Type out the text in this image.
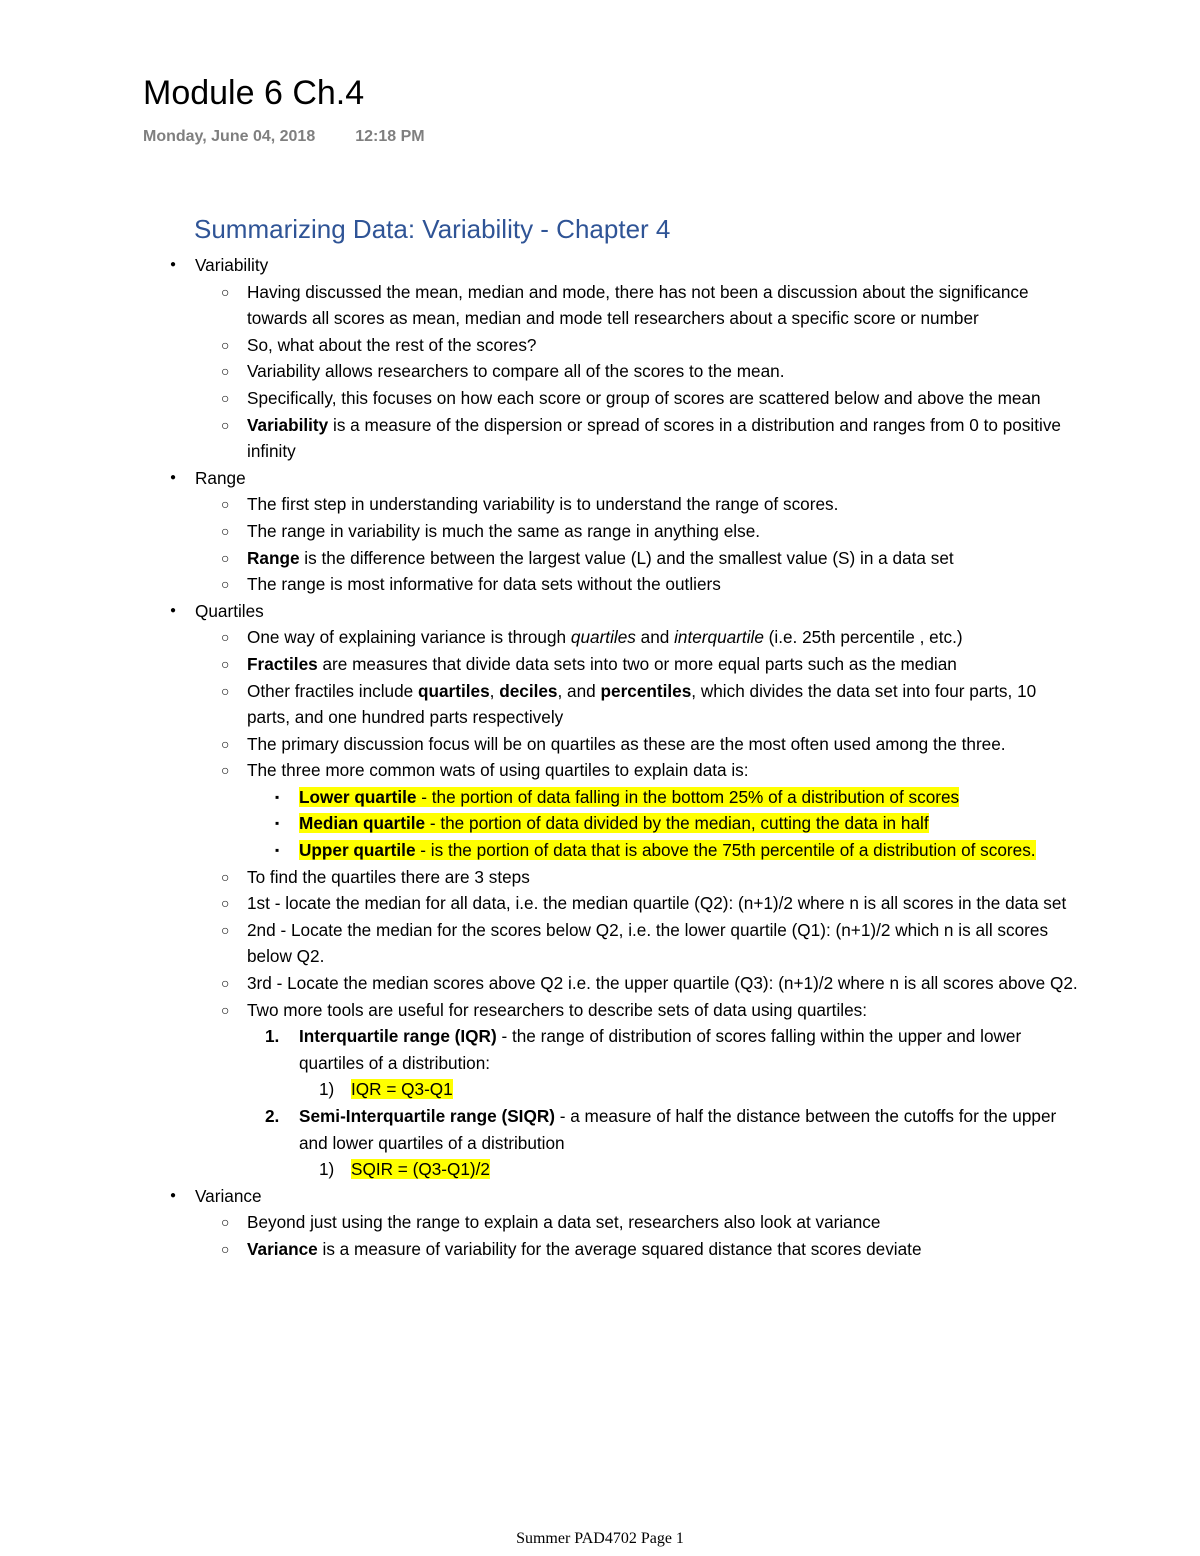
Module 6 Ch.4
Monday, June 04, 2018	12:18 PM
Summarizing Data: Variability - Chapter 4
● Variability
○ Having discussed the mean, median and mode, there has not been a discussion about the significance towards all scores as mean, median and mode tell researchers about a specific score or number
○ So, what about the rest of the scores?
○ Variability allows researchers to compare all of the scores to the mean.
○ Specifically, this focuses on how each score or group of scores are scattered below and above the mean
○ Variability is a measure of the dispersion or spread of scores in a distribution and ranges from 0 to positive infinity
● Range
○ The first step in understanding variability is to understand the range of scores.
○ The range in variability is much the same as range in anything else.
○ Range is the difference between the largest value (L) and the smallest value (S) in a data set
○ The range is most informative for data sets without the outliers
● Quartiles
○ One way of explaining variance is through quartiles and interquartile (i.e. 25th percentile , etc.)
○ Fractiles are measures that divide data sets into two or more equal parts such as the median
○ Other fractiles include quartiles, deciles, and percentiles, which divides the data set into four parts, 10 parts, and one hundred parts respectively
○ The primary discussion focus will be on quartiles as these are the most often used among the three.
○ The three more common wats of using quartiles to explain data is:
▪ Lower quartile - the portion of data falling in the bottom 25% of a distribution of scores
▪ Median quartile - the portion of data divided by the median, cutting the data in half
▪ Upper quartile - is the portion of data that is above the 75th percentile of a distribution of scores.
○ To find the quartiles there are 3 steps
○ 1st - locate the median for all data, i.e. the median quartile (Q2): (n+1)/2 where n is all scores in the data set
○ 2nd - Locate the median for the scores below Q2, i.e. the lower quartile (Q1): (n+1)/2 which n is all scores below Q2.
○ 3rd - Locate the median scores above Q2 i.e. the upper quartile (Q3): (n+1)/2 where n is all scores above Q2.
○ Two more tools are useful for researchers to describe sets of data using quartiles:
1. Interquartile range (IQR) - the range of distribution of scores falling within the upper and lower quartiles of a distribution:
1) IQR = Q3-Q1
2. Semi-Interquartile range (SIQR) - a measure of half the distance between the cutoffs for the upper and lower quartiles of a distribution
1) SQIR = (Q3-Q1)/2
● Variance
○ Beyond just using the range to explain a data set, researchers also look at variance
○ Variance is a measure of variability for the average squared distance that scores deviate
Summer PAD4702 Page 1
